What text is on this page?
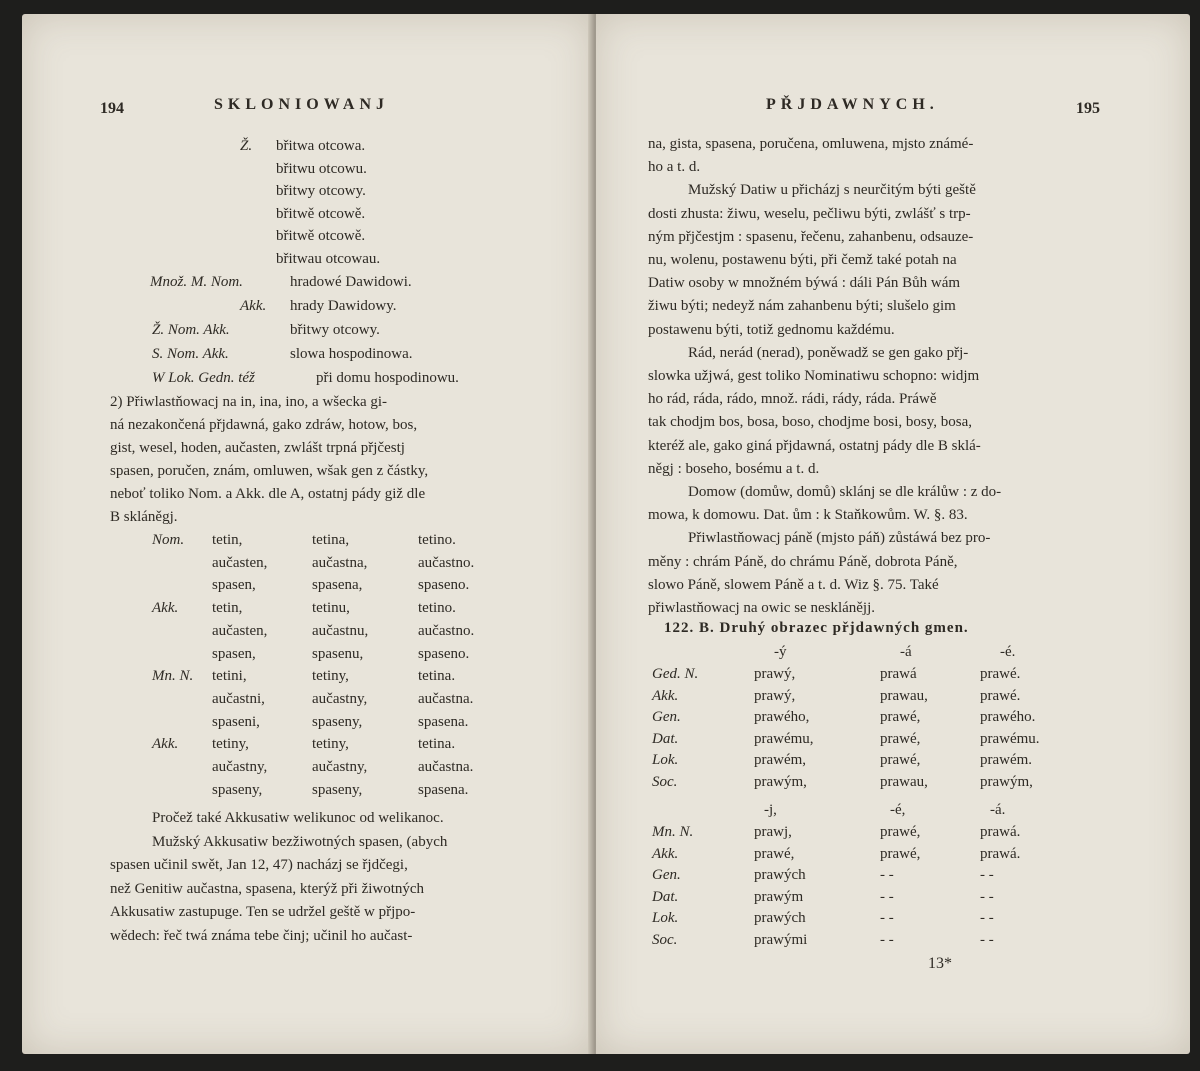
194	SKLONIOWANJ
Ž. břitwa otcowa.
břitwu otcowu.
břitwy otcowy.
břitwě otcowě.
břitwě otcowě.
břitwau otcowau.
Množ. M. Nom.	hradowé Dawidowi.
Akk. hrady Dawidowy.
Ž. Nom. Akk.	břitwy otcowy.
S. Nom. Akk.	slowa hospodinowa.
W Lok. Gedn. též	při domu hospodinowu.
2) Přiwlastňowacj na in, ina, ino, a wšecka gi-
ná nezakončená přjdawná, gako zdráw, hotow, bos,
gist, wesel, hoden, aučasten, zwlášt trpná přjčestj
spasen, poručen, znám, omluwen, wšak gen z částky,
neboť toliko Nom. a Akk. dle A, ostatnj pády giž dle
B skláněgj.
Nom. tetin,	tetina,	tetino.
aučasten,	aučastna,	aučastno.
spasen,	spasena,	spaseno.
Akk. tetin,	tetinu,	tetino.
aučasten,	aučastnu,	aučastno.
spasen,	spasenu,	spaseno.
Mn. N. tetini,	tetiny,	tetina.
aučastni,	aučastny,	aučastna.
spaseni,	spaseny,	spasena.
Akk. tetiny,	tetiny,	tetina.
aučastny,	aučastny,	aučastna.
spaseny,	spaseny,	spasena.
Pročež také Akkusatiw welikunoc od welikanoc.
Mužský Akkusatiw bezžiwotných spasen, (abych
spasen učinil swět, Jan 12, 47) nacházj se řjdčegi,
než Genitiw aučastna, spasena, kterýž při žiwotných
Akkusatiw zastupuge. Ten se udržel geště w přjpo-
wědech: řeč twá známa tebe činj; učinil ho aučast-
PŘJDAWNYCH.	195
na, gista, spasena, poručena, omluwena, mjsto známé-
ho a t. d.
Mužský Datiw u přicházj s neurčitým býti geště
dosti zhusta: žiwu, weselu, pečliwu býti, zwlášť s trp-
ným přjčestjm : spasenu, řečenu, zahanbenu, odsauze-
nu, wolenu, postawenu býti, při čemž také potah na
Datiw osoby w množném býwá : dáli Pán Bůh wám
žiwu býti; nedeyž nám zahanbenu býti; slušelo gim
postawenu býti, totiž gednomu každému.
Rád, nerád (nerad), poněwadž se gen gako přj-
slowka užjwá, gest toliko Nominatiwu schopno: widjm
ho rád, ráda, rádo, množ. rádi, rády, ráda. Práwě
tak chodjm bos, bosa, boso, chodjme bosi, bosy, bosa,
kteréž ale, gako giná přjdawná, ostatnj pády dle B sklá-
něgj : boseho, bosému a t. d.
Domow (domůw, domů) sklánj se dle králůw : z do-
mowa, k domowu. Dat. ům : k Staňkowům. W. §. 83.
Přiwlastňowacj páně (mjsto páň) zůstáwá bez pro-
měny : chrám Páně, do chrámu Páně, dobrota Páně,
slowo Páně, slowem Páně a t. d. Wiz §. 75. Také
přiwlastňowacj na owic se nesklánějj.
122. B. Druhý obrazec přjdawných gmen.
-ý	-á	-é.
Ged. N.	prawý,	prawá	prawé.
Akk.	prawý,	prawau,	prawé.
Gen.	prawého,	prawé,	prawého.
Dat.	prawému,	prawé,	prawému.
Lok.	prawém,	prawé,	prawém.
Soc.	prawým,	prawau,	prawým,
-j,	-é,	-á.
Mn. N.	prawj,	prawé,	prawá.
Akk.	prawé,	prawé,	prawá.
Gen.	prawých	- -	- -
Dat.	prawým	- -	- -
Lok.	prawých	- -	- -
Soc.	prawými	- -	- -
13*
